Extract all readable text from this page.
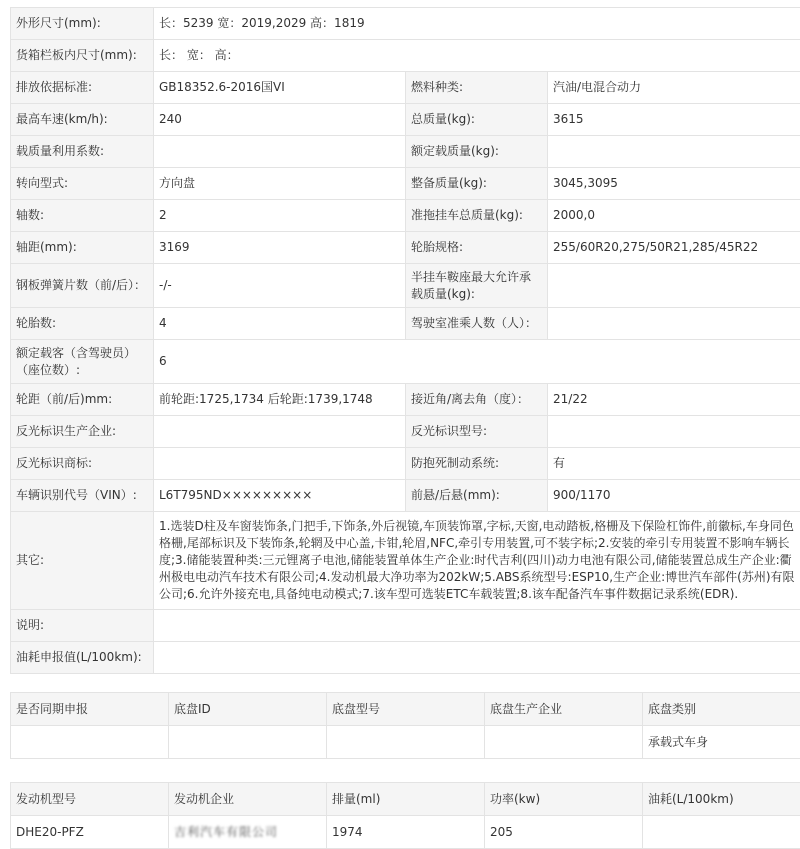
外形尺寸(mm):	长：5239 宽：2019,2029 高：1819		
货箱栏板内尺寸(mm):	长： 宽： 高：		
排放依据标准:	GB18352.6-2016国VI	燃料种类:	汽油/电混合动力
最高车速(km/h):	240	总质量(kg):	3615
载质量利用系数:		额定载质量(kg):	
转向型式:	方向盘	整备质量(kg):	3045,3095
轴数:	2	准拖挂车总质量(kg):	2000,0
轴距(mm):	3169	轮胎规格:	255/60R20,275/50R21,285/45R22
钢板弹簧片数（前/后）：	-/-	半挂车鞍座最大允许承载质量(kg):	
轮胎数:	4	驾驶室准乘人数（人）：	
额定载客（含驾驶员）（座位数）:	6		
轮距（前/后)mm:	前轮距:1725,1734 后轮距:1739,1748	接近角/离去角（度）：	21/22
反光标识生产企业:		反光标识型号:	
反光标识商标:		防抱死制动系统:	有
车辆识别代号（VIN）:	L6T795ND×××××××××	前悬/后悬(mm):	900/1170
其它:	1.选装D柱及车窗装饰条,门把手,下饰条,外后视镜,车顶装饰罩,字标,天窗,电动踏板,格栅及下保险杠饰件,前徽标,车身同色格栅,尾部标识及下装饰条,轮辋及中心盖,卡钳,轮眉,NFC,牵引专用装置,可不装字标;2.安装的牵引专用装置不影响车辆长度;3.储能装置种类:三元锂离子电池,储能装置单体生产企业:时代吉利(四川)动力电池有限公司,储能装置总成生产企业:衢州极电电动汽车技术有限公司;4.发动机最大净功率为202kW;5.ABS系统型号:ESP10,生产企业:博世汽车部件(苏州)有限公司;6.允许外接充电,具备纯电动模式;7.该车型可选装ETC车载装置;8.该车配备汽车事件数据记录系统(EDR).		
说明:			
油耗申报值(L/100km):			
是否同期申报	底盘ID	底盘型号	底盘生产企业	底盘类别
				承载式车身
发动机型号	发动机企业	排量(ml)	功率(kw)	油耗(L/100km)
DHE20-PFZ	吉利汽车有限公司	1974	205	
